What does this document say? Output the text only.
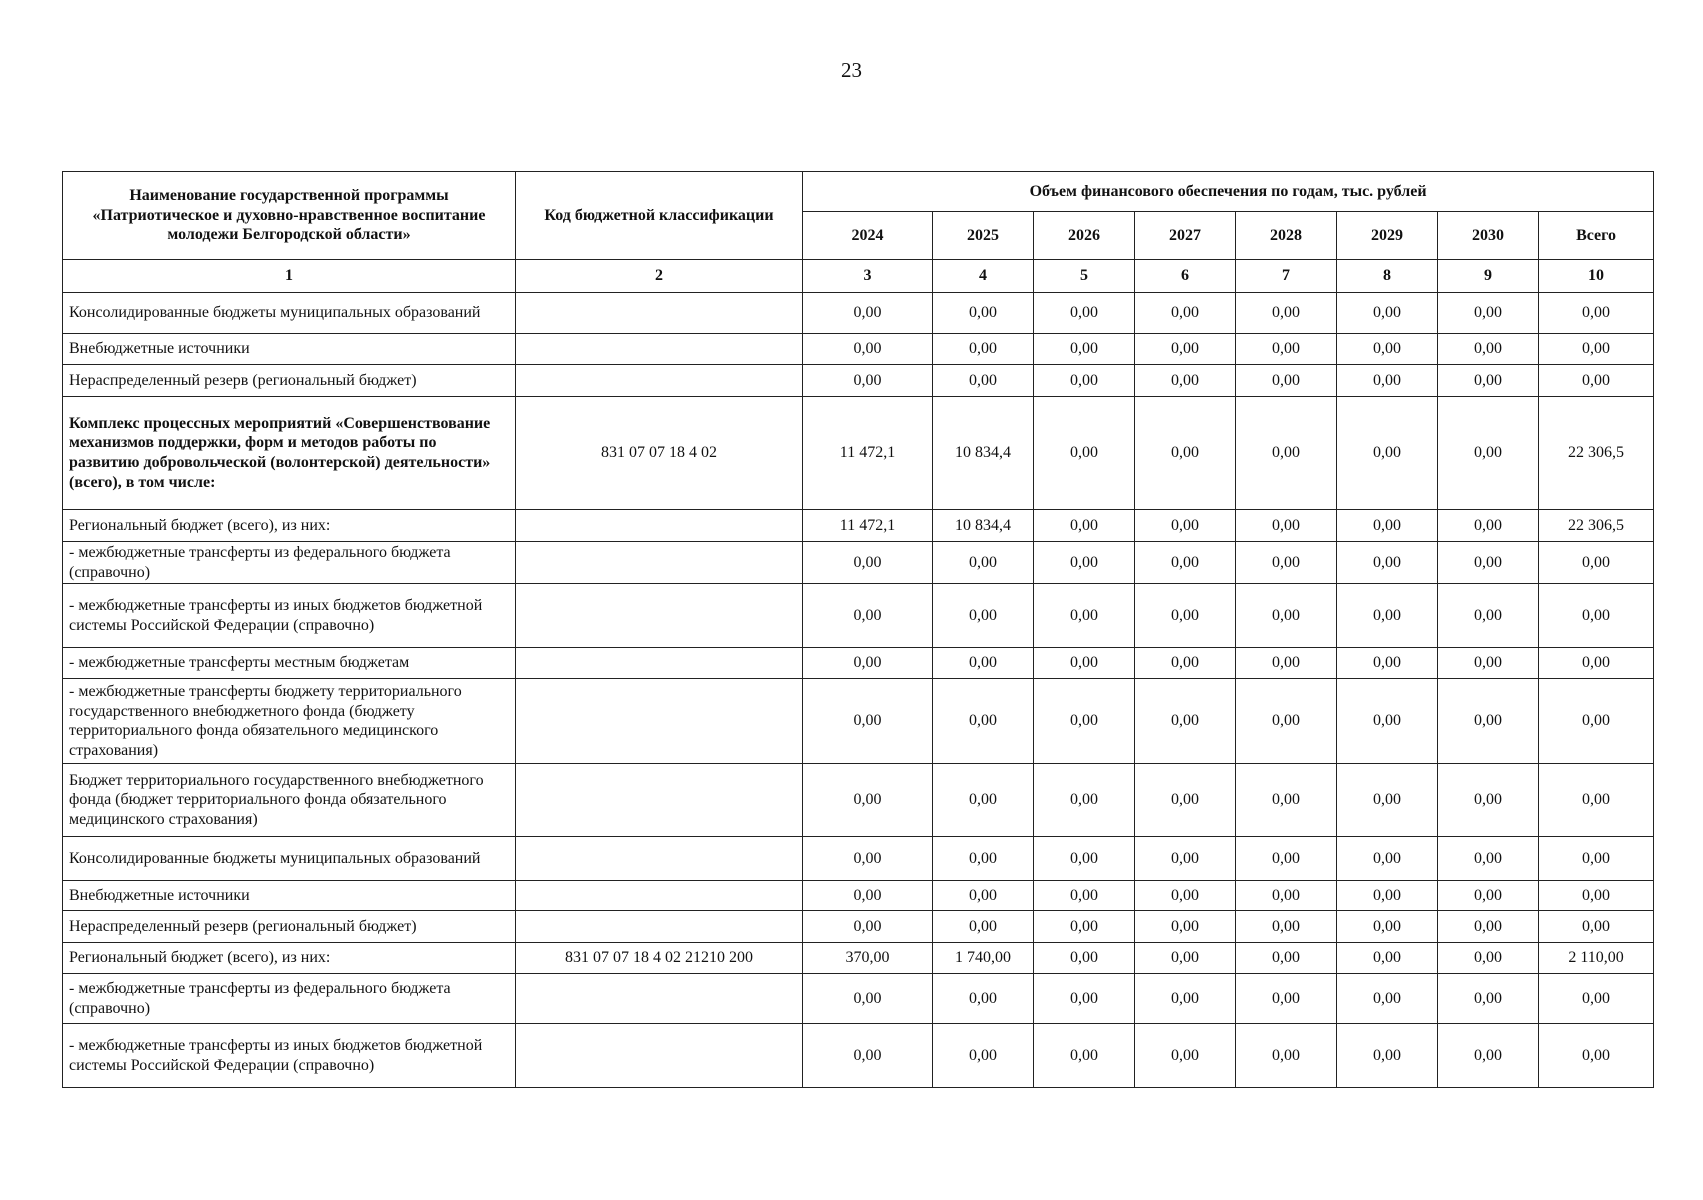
23
Наименование государственной программы «Патриотическое и духовно-нравственное воспитание молодежи Белгородской области»	Код бюджетной классификации	Объем финансового обеспечения по годам, тыс. рублей							
		2024	2025	2026	2027	2028	2029	2030	Всего
1	2	3	4	5	6	7	8	9	10
Консолидированные бюджеты муниципальных образований		0,00	0,00	0,00	0,00	0,00	0,00	0,00	0,00
Внебюджетные источники		0,00	0,00	0,00	0,00	0,00	0,00	0,00	0,00
Нераспределенный резерв (региональный бюджет)		0,00	0,00	0,00	0,00	0,00	0,00	0,00	0,00
Комплекс процессных мероприятий «Совершенствование механизмов поддержки, форм и методов работы по развитию добровольческой (волонтерской) деятельности» (всего), в том числе:	831 07 07 18 4 02	11 472,1	10 834,4	0,00	0,00	0,00	0,00	0,00	22 306,5
Региональный бюджет (всего), из них:		11 472,1	10 834,4	0,00	0,00	0,00	0,00	0,00	22 306,5
- межбюджетные трансферты из федерального бюджета (справочно)		0,00	0,00	0,00	0,00	0,00	0,00	0,00	0,00
- межбюджетные трансферты из иных бюджетов бюджетной системы Российской Федерации (справочно)		0,00	0,00	0,00	0,00	0,00	0,00	0,00	0,00
- межбюджетные трансферты местным бюджетам		0,00	0,00	0,00	0,00	0,00	0,00	0,00	0,00
- межбюджетные трансферты бюджету территориального государственного внебюджетного фонда (бюджету территориального фонда обязательного медицинского страхования)		0,00	0,00	0,00	0,00	0,00	0,00	0,00	0,00
Бюджет территориального государственного внебюджетного фонда (бюджет территориального фонда обязательного медицинского страхования)		0,00	0,00	0,00	0,00	0,00	0,00	0,00	0,00
Консолидированные бюджеты муниципальных образований		0,00	0,00	0,00	0,00	0,00	0,00	0,00	0,00
Внебюджетные источники		0,00	0,00	0,00	0,00	0,00	0,00	0,00	0,00
Нераспределенный резерв (региональный бюджет)		0,00	0,00	0,00	0,00	0,00	0,00	0,00	0,00
Региональный бюджет (всего), из них:	831 07 07 18 4 02 21210 200	370,00	1 740,00	0,00	0,00	0,00	0,00	0,00	2 110,00
- межбюджетные трансферты из федерального бюджета (справочно)		0,00	0,00	0,00	0,00	0,00	0,00	0,00	0,00
- межбюджетные трансферты из иных бюджетов бюджетной системы Российской Федерации (справочно)		0,00	0,00	0,00	0,00	0,00	0,00	0,00	0,00
